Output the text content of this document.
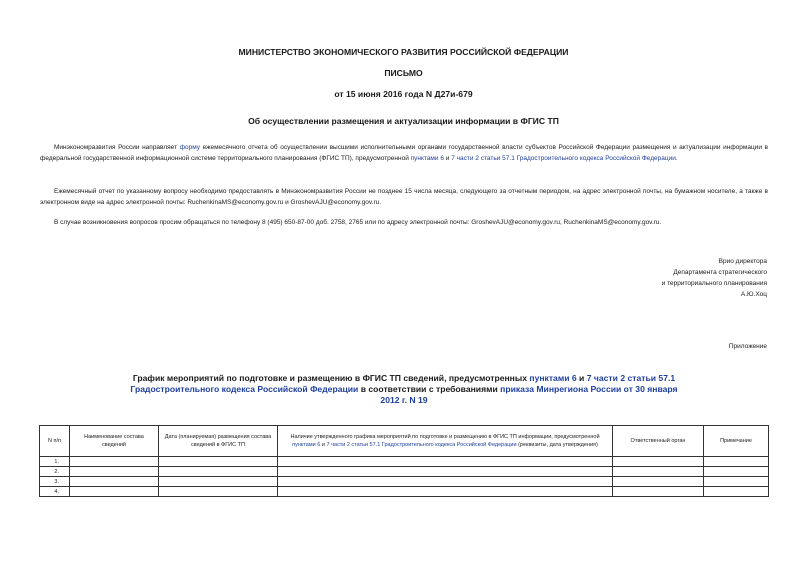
МИНИСТЕРСТВО ЭКОНОМИЧЕСКОГО РАЗВИТИЯ РОССИЙСКОЙ ФЕДЕРАЦИИ
ПИСЬМО
от 15 июня 2016 года N Д27и-679
Об осуществлении размещения и актуализации информации в ФГИС ТП
Минэкономразвития России направляет форму ежемесячного отчета об осуществлении высшими исполнительными органами государственной власти субъектов Российской Федерации размещения и актуализации информации в федеральной государственной информационной системе территориального планирования (ФГИС ТП), предусмотренной пунктами 6 и 7 части 2 статьи 57.1 Градостроительного кодекса Российской Федерации.
Ежемесячный отчет по указанному вопросу необходимо предоставлять в Минэкономразвития России не позднее 15 числа месяца, следующего за отчетным периодом, на адрес электронной почты, на бумажном носителе, а также в электронном виде на адрес электронной почты: RuchenkinaMS@economy.gov.ru и GroshevAJU@economy.gov.ru.
В случае возникновения вопросов просим обращаться по телефону 8 (495) 650-87-00 доб. 2758, 2765 или по адресу электронной почты: GroshevAJU@economy.gov.ru, RuchenkinaMS@economy.gov.ru.
Врио директора
Департамента стратегического
и территориального планирования
А.Ю.Хоц
Приложение
График мероприятий по подготовке и размещению в ФГИС ТП сведений, предусмотренных пунктами 6 и 7 части 2 статьи 57.1 Градостроительного кодекса Российской Федерации в соответствии с требованиями приказа Минрегиона России от 30 января 2012 г. N 19
N п/п	Наименование состава сведений	Дата (планируемая) размещения состава сведений в ФГИС ТП	Наличие утвержденного графика мероприятий по подготовке и размещению в ФГИС ТП информации, предусмотренной пунктами 6 и 7 части 2 статьи 57.1 Градостроительного кодекса Российской Федерации (реквизиты, дата утверждения)	Ответственный орган	Примечание
1.					
2.					
3.					
4.					
